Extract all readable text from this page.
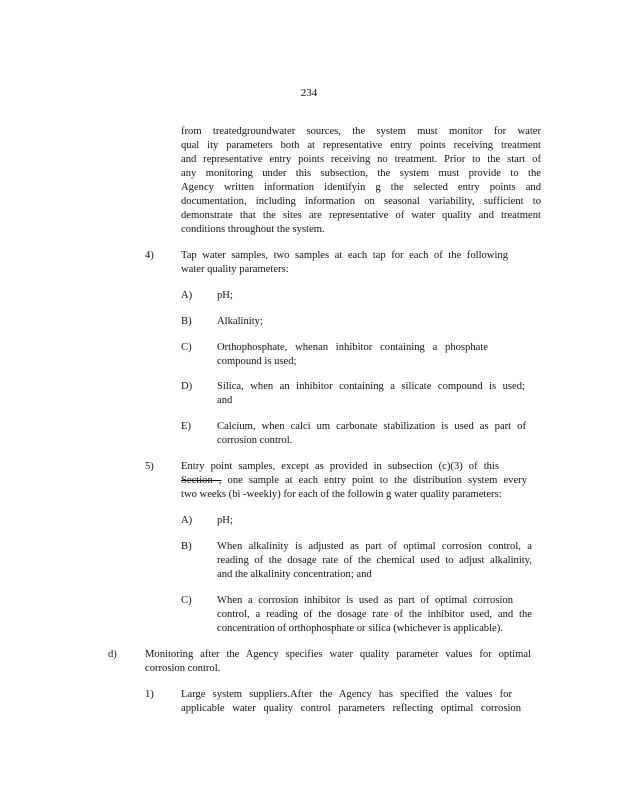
234
from treatedgroundwater sources, the system must monitor for water
qual ity parameters both at representative entry points receiving treatment
and representative entry points receiving no treatment. Prior to the start of
any monitoring under this subsection, the system must provide to the
Agency written information identifyin g the selected entry points and
documentation, including information on seasonal variability, sufficient to
demonstrate that the sites are representative of water quality and treatment
conditions throughout the system.
4)	Tap water samples, two samples at each tap for each of the following
water quality parameters:
A) pH;
B) Alkalinity;
C) Orthophosphate, whenan inhibitor containing a phosphate
compound is used;
D) Silica, when an inhibitor containing a silicate compound is used;
and
E) Calcium, when calci um carbonate stabilization is used as part of
corrosion control.
5)	Entry point samples, except as provided in subsection (c)(3) of this
Section , one sample at each entry point to the distribution system every
two weeks (bi -weekly) for each of the followin g water quality parameters:
A) pH;
B) When alkalinity is adjusted as part of optimal corrosion control, a
reading of the dosage rate of the chemical used to adjust alkalinity,
and the alkalinity concentration; and
C) When a corrosion inhibitor is used as part of optimal corrosion
control, a reading of the dosage rate of the inhibitor used, and the
concentration of orthophosphate or silica (whichever is applicable).
d)	Monitoring after the Agency specifies water quality parameter values for optimal
corrosion control.
1)	Large system suppliers.After the Agency has specified the values for
applicable water quality control parameters reflecting optimal corrosion
